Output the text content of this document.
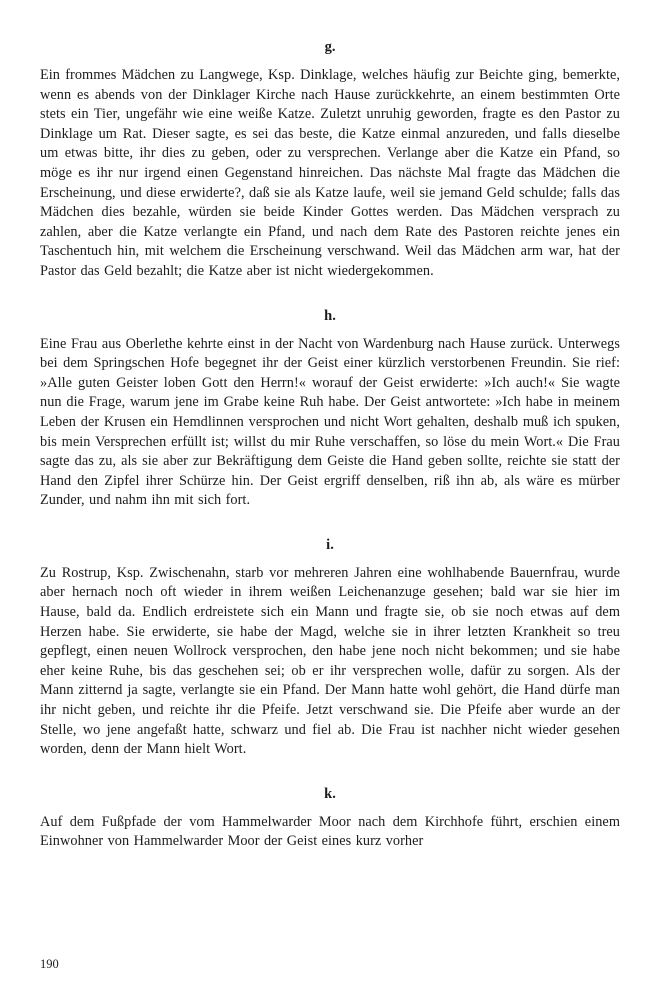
g.

Ein frommes Mädchen zu Langwege, Ksp. Dinklage, welches häufig zur Beichte ging, bemerkte, wenn es abends von der Dinklager Kirche nach Hause zurückkehrte, an einem bestimmten Orte stets ein Tier, ungefähr wie eine weiße Katze. Zuletzt unruhig geworden, fragte es den Pastor zu Dinklage um Rat. Dieser sagte, es sei das beste, die Katze einmal anzureden, und falls dieselbe um etwas bitte, ihr dies zu geben, oder zu versprechen. Verlange aber die Katze ein Pfand, so möge es ihr nur irgend einen Gegenstand hinreichen. Das nächste Mal fragte das Mädchen die Erscheinung, und diese erwiderte?, daß sie als Katze laufe, weil sie jemand Geld schulde; falls das Mädchen dies bezahle, würden sie beide Kinder Gottes werden. Das Mädchen versprach zu zahlen, aber die Katze verlangte ein Pfand, und nach dem Rate des Pastoren reichte jenes ein Taschentuch hin, mit welchem die Erscheinung verschwand. Weil das Mädchen arm war, hat der Pastor das Geld bezahlt; die Katze aber ist nicht wiedergekommen.

h.

Eine Frau aus Oberlethe kehrte einst in der Nacht von Wardenburg nach Hause zurück. Unterwegs bei dem Springschen Hofe begegnet ihr der Geist einer kürzlich verstorbenen Freundin. Sie rief: »Alle guten Geister loben Gott den Herrn!« worauf der Geist erwiderte: »Ich auch!« Sie wagte nun die Frage, warum jene im Grabe keine Ruh habe. Der Geist antwortete: »Ich habe in meinem Leben der Krusen ein Hemdlinnen versprochen und nicht Wort gehalten, deshalb muß ich spuken, bis mein Versprechen erfüllt ist; willst du mir Ruhe verschaffen, so löse du mein Wort.« Die Frau sagte das zu, als sie aber zur Bekräftigung dem Geiste die Hand geben sollte, reichte sie statt der Hand den Zipfel ihrer Schürze hin. Der Geist ergriff denselben, riß ihn ab, als wäre es mürber Zunder, und nahm ihn mit sich fort.

i.

Zu Rostrup, Ksp. Zwischenahn, starb vor mehreren Jahren eine wohlhabende Bauernfrau, wurde aber hernach noch oft wieder in ihrem weißen Leichenanzuge gesehen; bald war sie hier im Hause, bald da. Endlich erdreistete sich ein Mann und fragte sie, ob sie noch etwas auf dem Herzen habe. Sie erwiderte, sie habe der Magd, welche sie in ihrer letzten Krankheit so treu gepflegt, einen neuen Wollrock versprochen, den habe jene noch nicht bekommen; und sie habe eher keine Ruhe, bis das geschehen sei; ob er ihr versprechen wolle, dafür zu sorgen. Als der Mann zitternd ja sagte, verlangte sie ein Pfand. Der Mann hatte wohl gehört, die Hand dürfe man ihr nicht geben, und reichte ihr die Pfeife. Jetzt verschwand sie. Die Pfeife aber wurde an der Stelle, wo jene angefaßt hatte, schwarz und fiel ab. Die Frau ist nachher nicht wieder gesehen worden, denn der Mann hielt Wort.

k.

Auf dem Fußpfade der vom Hammelwarder Moor nach dem Kirchhofe führt, erschien einem Einwohner von Hammelwarder Moor der Geist eines kurz vorher

190
